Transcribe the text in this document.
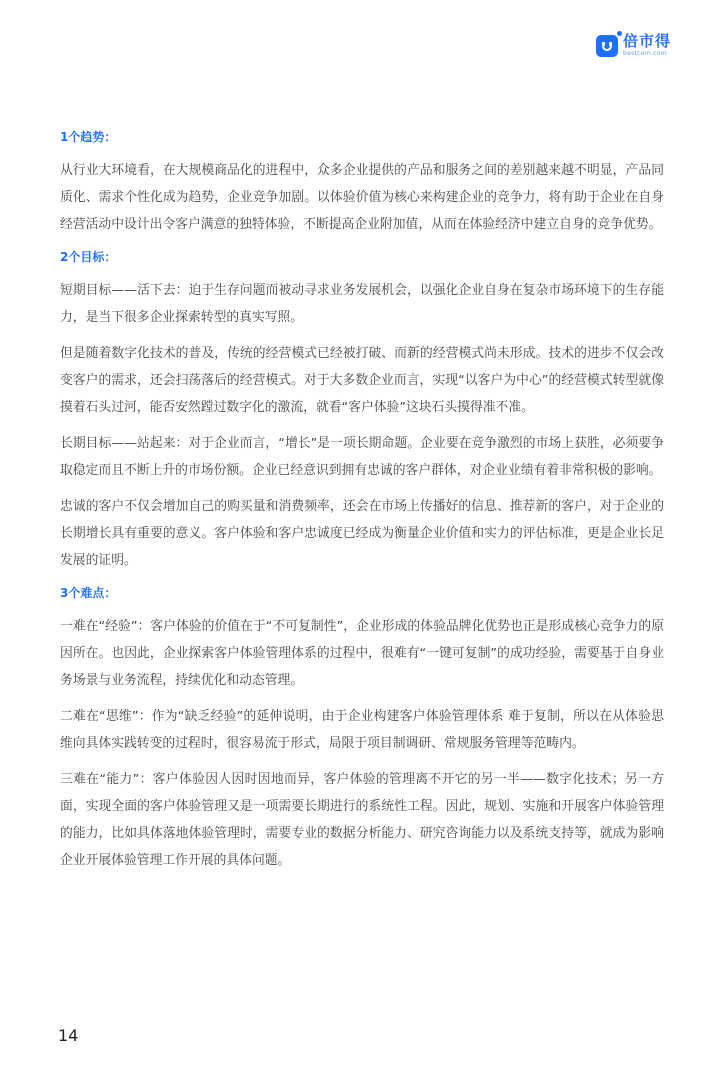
倍市得
bestcem.com
1个趋势：

从行业大环境看，在大规模商品化的进程中，众多企业提供的产品和服务之间的差别越来越不明显，产品同质化、需求个性化成为趋势，企业竞争加剧。以体验价值为核心来构建企业的竞争力，将有助于企业在自身经营活动中设计出令客户满意的独特体验，不断提高企业附加值，从而在体验经济中建立自身的竞争优势。

2个目标：

短期目标——活下去：迫于生存问题而被动寻求业务发展机会，以强化企业自身在复杂市场环境下的生存能力，是当下很多企业探索转型的真实写照。

但是随着数字化技术的普及，传统的经营模式已经被打破、而新的经营模式尚未形成。技术的进步不仅会改变客户的需求，还会扫荡落后的经营模式。对于大多数企业而言，实现“以客户为中心”的经营模式转型就像摸着石头过河，能否安然蹚过数字化的激流，就看“客户体验”这块石头摸得准不准。

长期目标——站起来：对于企业而言，“增长”是一项长期命题。企业要在竞争激烈的市场上获胜，必须要争取稳定而且不断上升的市场份额。企业已经意识到拥有忠诚的客户群体，对企业业绩有着非常积极的影响。

忠诚的客户不仅会增加自己的购买量和消费频率，还会在市场上传播好的信息、推荐新的客户，对于企业的长期增长具有重要的意义。客户体验和客户忠诚度已经成为衡量企业价值和实力的评估标准，更是企业长足发展的证明。

3个难点：

一难在“经验”：客户体验的价值在于“不可复制性”，企业形成的体验品牌化优势也正是形成核心竞争力的原因所在。也因此，企业探索客户体验管理体系的过程中，很难有“一键可复制”的成功经验，需要基于自身业务场景与业务流程，持续优化和动态管理。

二难在“思维”：作为“缺乏经验”的延伸说明，由于企业构建客户体验管理体系 难于复制，所以在从体验思维向具体实践转变的过程时，很容易流于形式，局限于项目制调研、常规服务管理等范畴内。

三难在“能力”：客户体验因人因时因地而异，客户体验的管理离不开它的另一半——数字化技术；另一方面，实现全面的客户体验管理又是一项需要长期进行的系统性工程。因此，规划、实施和开展客户体验管理的能力，比如具体落地体验管理时，需要专业的数据分析能力、研究咨询能力以及系统支持等，就成为影响企业开展体验管理工作开展的具体问题。

14
